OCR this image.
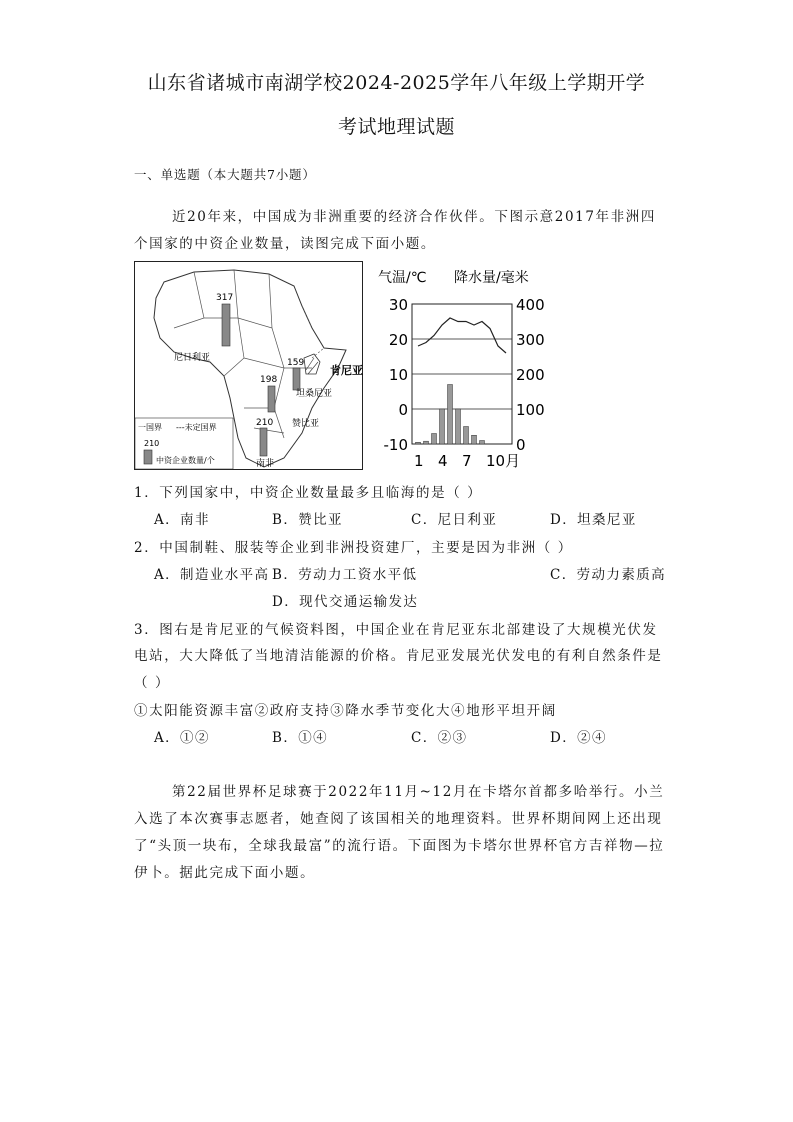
山东省诸城市南湖学校2024-2025学年八年级上学期开学
考试地理试题
一、单选题（本大题共7小题）
近20年来，中国成为非洲重要的经济合作伙伴。下图示意2017年非洲四
个国家的中资企业数量，读图完成下面小题。
317
159
198
210
尼日利亚
肯尼亚
坦桑尼亚
赞比亚
南非
一国界 ---未定国界
210
中资企业数量/个
气温/℃ 降水量/毫米
30
20
10
0
-10
400
300
200
100
0
1 4 7 10月
1．下列国家中，中资企业数量最多且临海的是（ ）
A．南非	B．赞比亚	C．尼日利亚	D．坦桑尼亚
2．中国制鞋、服装等企业到非洲投资建厂，主要是因为非洲（ ）
A．制造业水平高 B．劳动力工资水平低	C．劳动力素质高
D．现代交通运输发达
3．图右是肯尼亚的气候资料图，中国企业在肯尼亚东北部建设了大规模光伏发
电站，大大降低了当地清洁能源的价格。肯尼亚发展光伏发电的有利自然条件是
（ ）
①太阳能资源丰富②政府支持③降水季节变化大④地形平坦开阔
A．①②	B．①④	C．②③	D．②④
第22届世界杯足球赛于2022年11月~12月在卡塔尔首都多哈举行。小兰
入选了本次赛事志愿者，她查阅了该国相关的地理资料。世界杯期间网上还出现
了“头顶一块布，全球我最富”的流行语。下面图为卡塔尔世界杯官方吉祥物—拉
伊卜。据此完成下面小题。
